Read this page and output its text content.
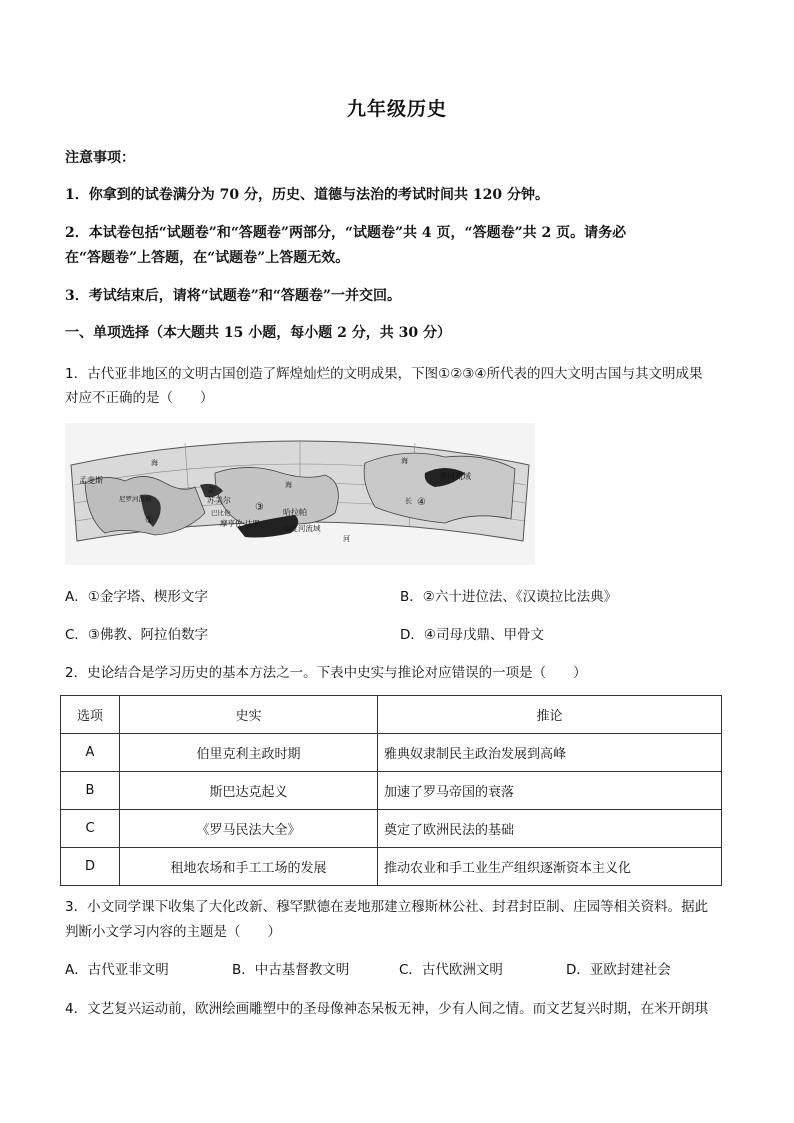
九年级历史
注意事项：
1．你拿到的试卷满分为 70 分，历史、道德与法治的考试时间共 120 分钟。
2．本试卷包括“试题卷”和“答题卷”两部分，“试题卷”共 4 页，“答题卷”共 2 页。请务必
在“答题卷”上答题，在“试题卷”上答题无效。
3．考试结束后，请将“试题卷”和“答题卷”一并交回。
一、单项选择（本大题共 15 小题，每小题 2 分，共 30 分）
1．古代亚非地区的文明古国创造了辉煌灿烂的文明成果，下图①②③④所代表的四大文明古国与其文明成果
对应不正确的是（　　）
孟斐斯
①
尼罗河流域
②
苏美尔
③
摩亨佐·达罗
哈拉帕
印度河流域
④
黄河流域
长
海
海
河
海
巴比伦
A．①金字塔、楔形文字	B．②六十进位法、《汉谟拉比法典》
C．③佛教、阿拉伯数字	D．④司母戊鼎、甲骨文
2．史论结合是学习历史的基本方法之一。下表中史实与推论对应错误的一项是（　　）
选项	史实	推论
A	伯里克利主政时期	雅典奴隶制民主政治发展到高峰
B	斯巴达克起义	加速了罗马帝国的衰落
C	《罗马民法大全》	奠定了欧洲民法的基础
D	租地农场和手工工场的发展	推动农业和手工业生产组织逐渐资本主义化
3．小文同学课下收集了大化改新、穆罕默德在麦地那建立穆斯林公社、封君封臣制、庄园等相关资料。据此
判断小文学习内容的主题是（　　）
A．古代亚非文明	B．中古基督教文明	C．古代欧洲文明	D．亚欧封建社会
4．文艺复兴运动前，欧洲绘画雕塑中的圣母像神态呆板无神，少有人间之情。而文艺复兴时期，在米开朗琪
